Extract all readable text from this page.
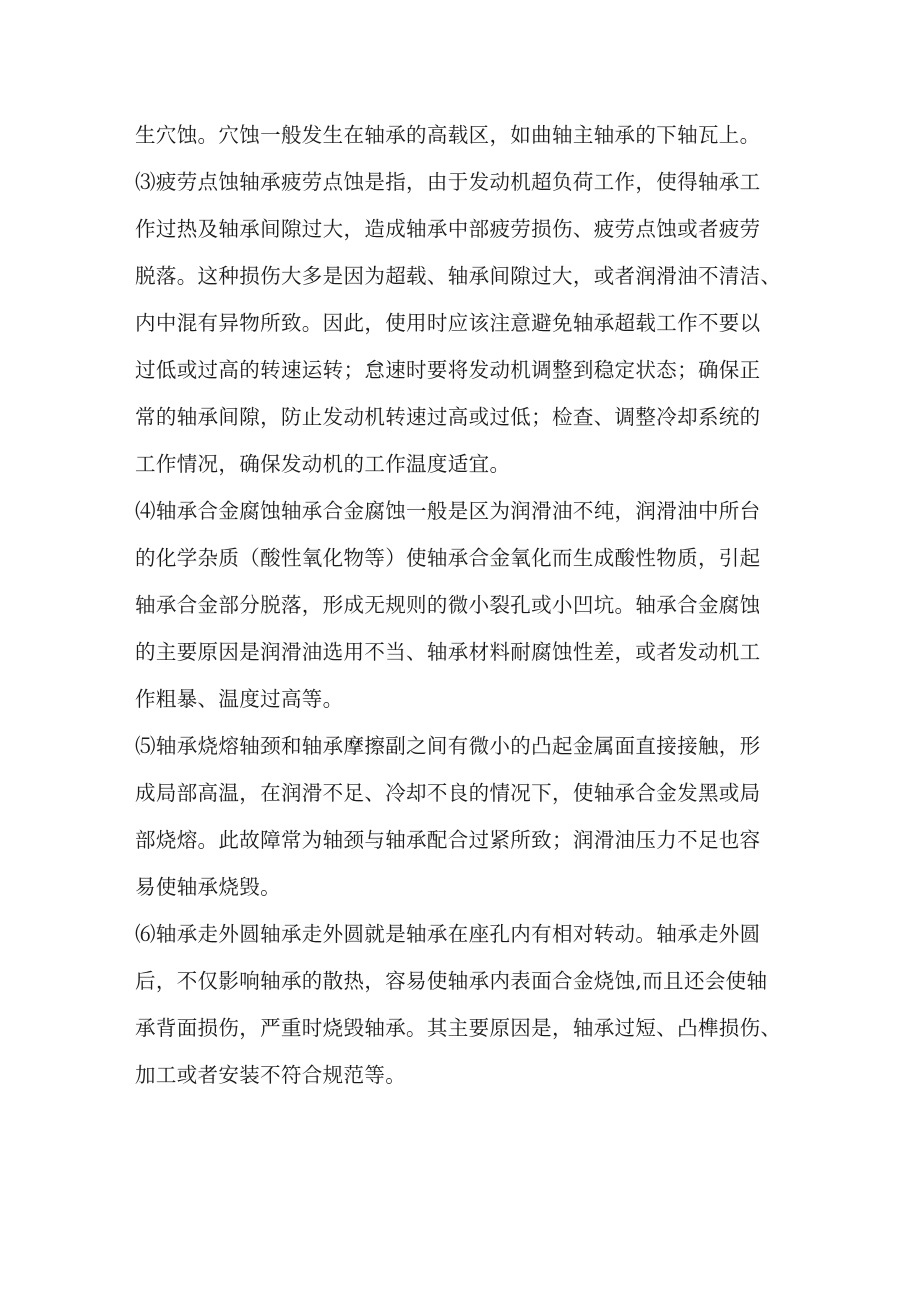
生穴蚀。穴蚀一般发生在轴承的高载区，如曲轴主轴承的下轴瓦上。
⑶疲劳点蚀轴承疲劳点蚀是指，由于发动机超负荷工作，使得轴承工
作过热及轴承间隙过大，造成轴承中部疲劳损伤、疲劳点蚀或者疲劳
脱落。这种损伤大多是因为超载、轴承间隙过大，或者润滑油不清洁、
内中混有异物所致。因此，使用时应该注意避免轴承超载工作不要以
过低或过高的转速运转；怠速时要将发动机调整到稳定状态；确保正
常的轴承间隙，防止发动机转速过高或过低；检查、调整冷却系统的
工作情况，确保发动机的工作温度适宜。
⑷轴承合金腐蚀轴承合金腐蚀一般是区为润滑油不纯，润滑油中所台
的化学杂质（酸性氧化物等）使轴承合金氧化而生成酸性物质，引起
轴承合金部分脱落，形成无规则的微小裂孔或小凹坑。轴承合金腐蚀
的主要原因是润滑油选用不当、轴承材料耐腐蚀性差，或者发动机工
作粗暴、温度过高等。
⑸轴承烧熔轴颈和轴承摩擦副之间有微小的凸起金属面直接接触，形
成局部高温，在润滑不足、冷却不良的情况下，使轴承合金发黑或局
部烧熔。此故障常为轴颈与轴承配合过紧所致；润滑油压力不足也容
易使轴承烧毁。
⑹轴承走外圆轴承走外圆就是轴承在座孔内有相对转动。轴承走外圆
后，不仅影响轴承的散热，容易使轴承内表面合金烧蚀,而且还会使轴
承背面损伤，严重时烧毁轴承。其主要原因是，轴承过短、凸榫损伤、
加工或者安装不符合规范等。
